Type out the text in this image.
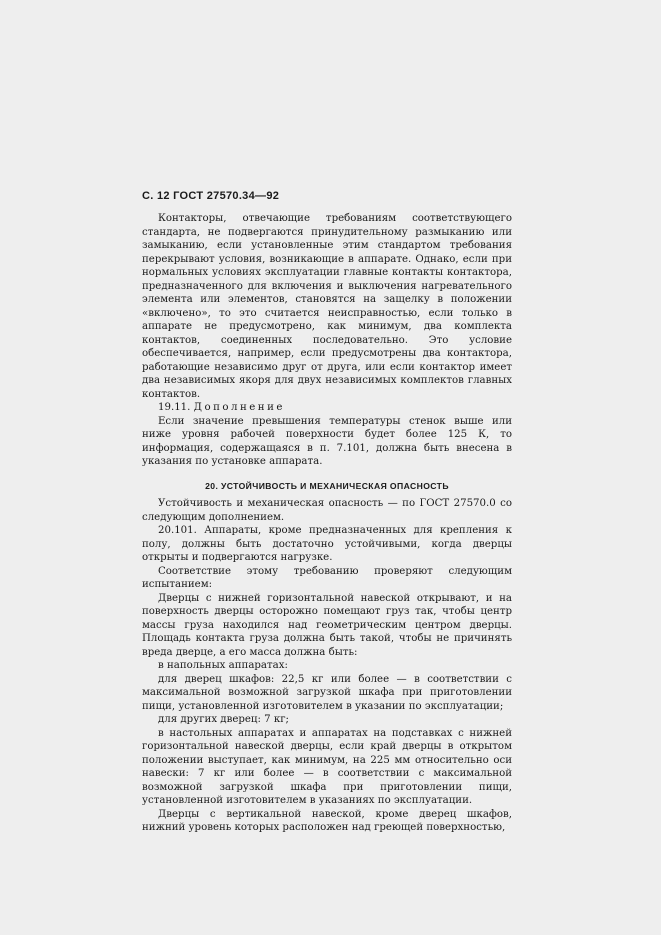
С. 12 ГОСТ 27570.34—92

Контакторы, отвечающие требованиям соответствующего стандарта, не подвергаются принудительному размыканию или замыканию, если установленные этим стандартом требования перекрывают условия, возникающие в аппарате. Однако, если при нормальных условиях эксплуатации главные контакты контактора, предназначенного для включения и выключения нагревательного элемента или элементов, становятся на защелку в положении «включено», то это считается неисправностью, если только в аппарате не предусмотрено, как минимум, два комплекта контактов, соединенных последовательно. Это условие обеспечивается, например, если предусмотрены два контактора, работающие независимо друг от друга, или если контактор имеет два независимых якоря для двух независимых комплектов главных контактов.

19.11. Дополнение

Если значение превышения температуры стенок выше или ниже уровня рабочей поверхности будет более 125 К, то информация, содержащаяся в п. 7.101, должна быть внесена в указания по установке аппарата.

20. УСТОЙЧИВОСТЬ И МЕХАНИЧЕСКАЯ ОПАСНОСТЬ

Устойчивость и механическая опасность — по ГОСТ 27570.0 со следующим дополнением.

20.101. Аппараты, кроме предназначенных для крепления к полу, должны быть достаточно устойчивыми, когда дверцы открыты и подвергаются нагрузке.

Соответствие этому требованию проверяют следующим испытанием:

Дверцы с нижней горизонтальной навеской открывают, и на поверхность дверцы осторожно помещают груз так, чтобы центр массы груза находился над геометрическим центром дверцы. Площадь контакта груза должна быть такой, чтобы не причинять вреда дверце, а его масса должна быть:

в напольных аппаратах:

для дверец шкафов: 22,5 кг или более — в соответствии с максимальной возможной загрузкой шкафа при приготовлении пищи, установленной изготовителем в указании по эксплуатации;

для других дверец: 7 кг;

в настольных аппаратах и аппаратах на подставках с нижней горизонтальной навеской дверцы, если край дверцы в открытом положении выступает, как минимум, на 225 мм относительно оси навески: 7 кг или более — в соответствии с максимальной возможной загрузкой шкафа при приготовлении пищи, установленной изготовителем в указаниях по эксплуатации.

Дверцы с вертикальной навеской, кроме дверец шкафов, нижний уровень которых расположен над греющей поверхностью,
